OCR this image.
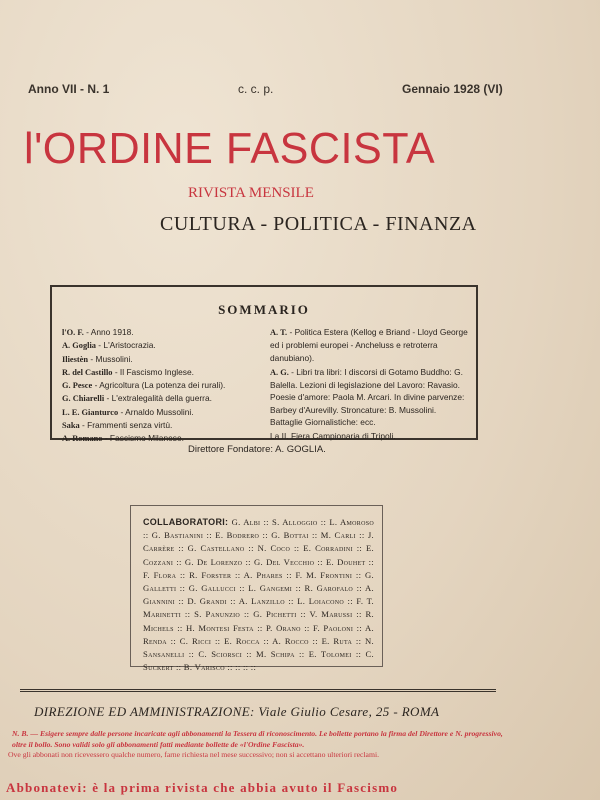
Anno VII - N. 1	c. c. p.	Gennaio 1928 (VI)
l'ORDINE FASCISTA
RIVISTA MENSILE
CULTURA - POLITICA - FINANZA
SOMMARIO
l'O. F. - Anno 1918.
A. Goglia - L'Aristocrazia.
Iliestèn - Mussolini.
R. del Castillo - Il Fascismo Inglese.
G. Pesce - Agricoltura (La potenza dei rurali).
G. Chiarelli - L'extralegalità della guerra.
L. E. Gianturco - Arnaldo Mussolini.
Saka - Frammenti senza virtù.
A. Romano - Fascismo Milanese.
A. T. - Politica Estera (Kellog e Briand - Lloyd George ed i problemi europei - Ancheluss e retroterra danubiano).
A. G. - Libri tra libri: I discorsi di Gotamo Buddho: G. Balella. Lezioni di legislazione del Lavoro: Ravasio. Poesie d'amore: Paola M. Arcari. In divine parvenze: Barbey d'Aurevilly. Stroncature: B. Mussolini. Battaglie Giornalistiche: ecc.
La II. Fiera Campionaria di Tripoli.
Direttore Fondatore: A. GOGLIA.

COLLABORATORI: G. Albi :: S. Alloggio :: L. Amoroso :: G. Bastianini :: E. Bodrero :: G. Bottai :: M. Carli :: J. Carrère :: G. Castellano :: N. Coco :: E. Corradini :: E. Cozzani :: G. De Lorenzo :: G. Del Vecchio :: E. Douhet :: F. Flora :: R. Forster :: A. Phares :: F. M. Frontini :: G. Galletti :: G. Gallucci :: L. Gangemi :: R. Garofalo :: A. Giannini :: D. Grandi :: A. Lanzillo :: L. Loiacono :: F. T. Marinetti :: S. Panunzio :: G. Pichetti :: V. Marussi :: R. Michels :: H. Montesi Festa :: P. Orano :: F. Paoloni :: A. Renda :: C. Ricci :: E. Rocca :: A. Rocco :: E. Ruta :: N. Sansanelli :: C. Sciorsci :: M. Schipa :: E. Tolomei :: C. Suckert :: B. Varisco :: :: :: ::

DIREZIONE ED AMMINISTRAZIONE: Viale Giulio Cesare, 25 - ROMA
N. B. — Esigere sempre dalle persone incaricate agli abbonamenti la Tessera di riconoscimento. Le bollette portano la firma del Direttore e N. progressivo, oltre il bollo. Sono validi solo gli abbonamenti fatti mediante bollette de «l'Ordine Fascista».
Ove gli abbonati non ricevessero qualche numero, farne richiesta nel mese successivo; non si accettano ulteriori reclami.
Abbonatevi: è la prima rivista che abbia avuto il Fascismo
